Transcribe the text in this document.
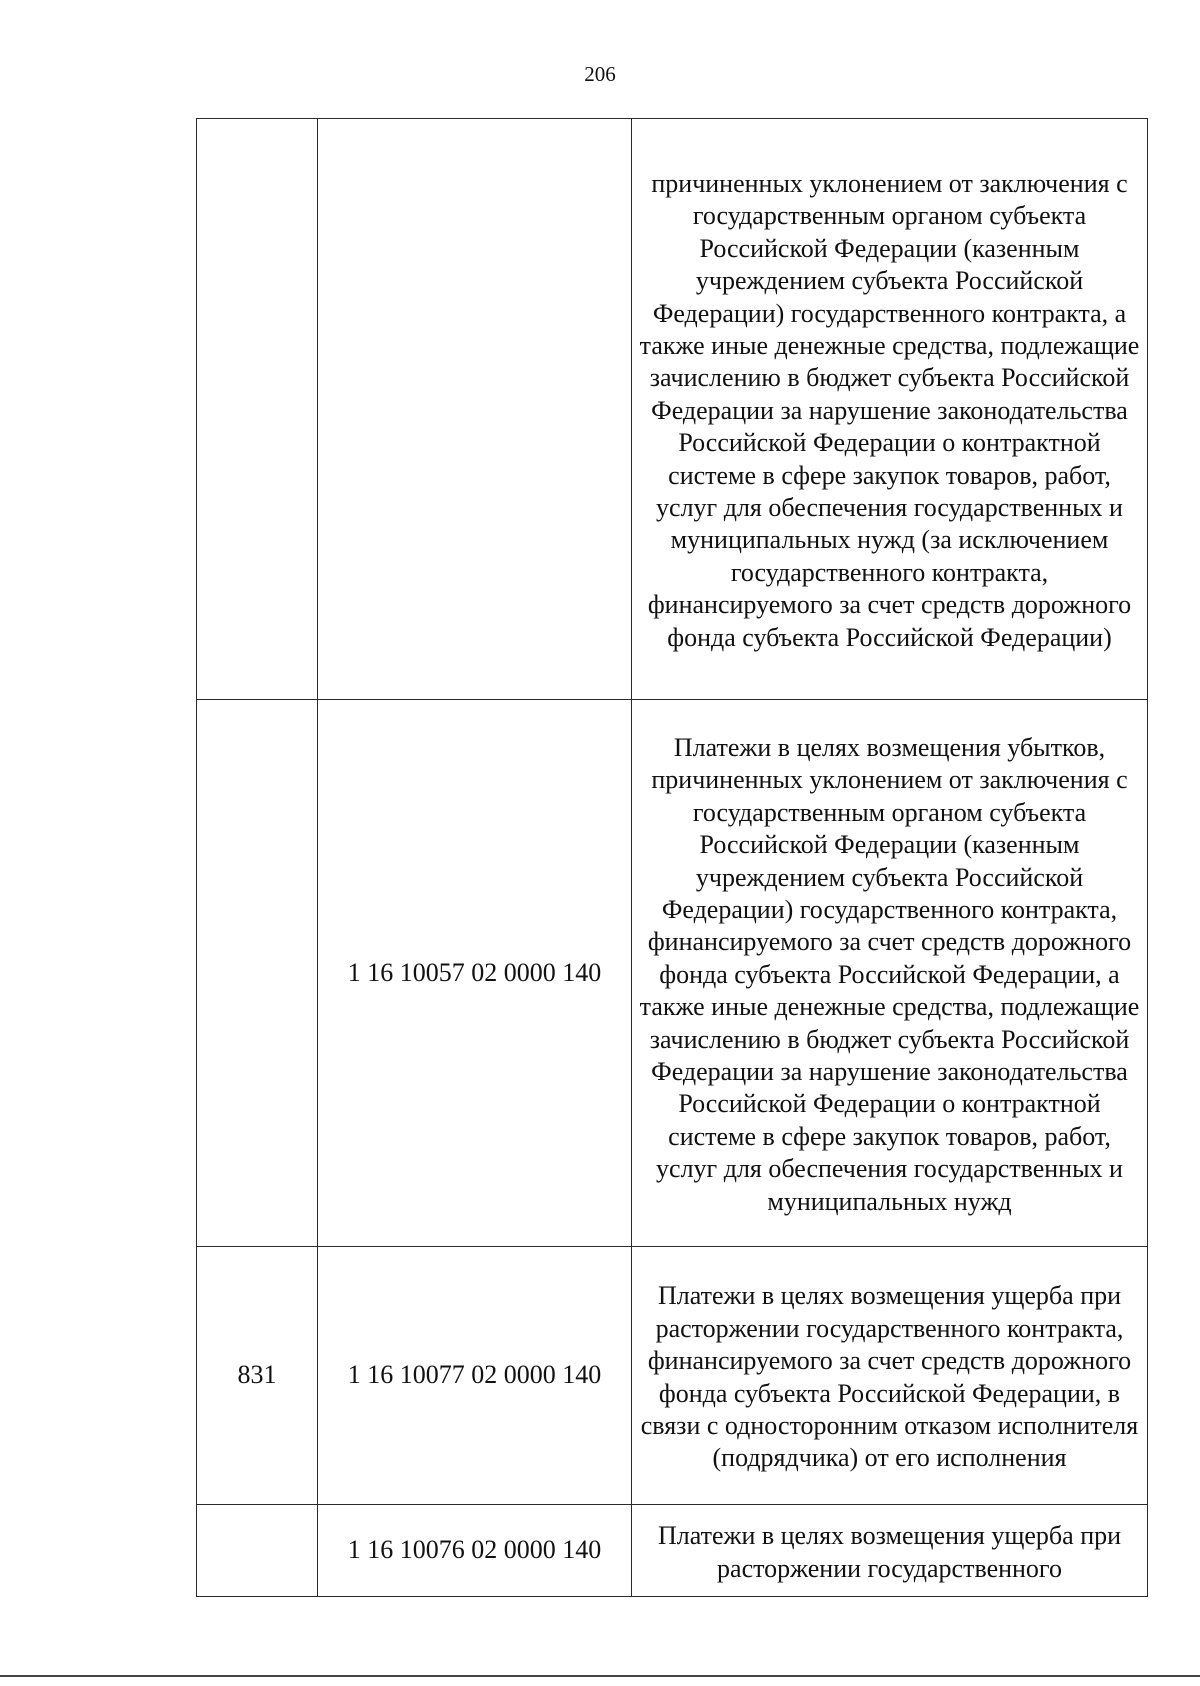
206
		причиненных уклонением от заключения с государственным органом субъекта Российской Федерации (казенным учреждением субъекта Российской Федерации) государственного контракта, а также иные денежные средства, подлежащие зачислению в бюджет субъекта Российской Федерации за нарушение законодательства Российской Федерации о контрактной системе в сфере закупок товаров, работ, услуг для обеспечения государственных и муниципальных нужд (за исключением государственного контракта, финансируемого за счет средств дорожного фонда субъекта Российской Федерации)
	1 16 10057 02 0000 140	Платежи в целях возмещения убытков, причиненных уклонением от заключения с государственным органом субъекта Российской Федерации (казенным учреждением субъекта Российской Федерации) государственного контракта, финансируемого за счет средств дорожного фонда субъекта Российской Федерации, а также иные денежные средства, подлежащие зачислению в бюджет субъекта Российской Федерации за нарушение законодательства Российской Федерации о контрактной системе в сфере закупок товаров, работ, услуг для обеспечения государственных и муниципальных нужд
831	1 16 10077 02 0000 140	Платежи в целях возмещения ущерба при расторжении государственного контракта, финансируемого за счет средств дорожного фонда субъекта Российской Федерации, в связи с односторонним отказом исполнителя (подрядчика) от его исполнения
	1 16 10076 02 0000 140	Платежи в целях возмещения ущерба при расторжении государственного
